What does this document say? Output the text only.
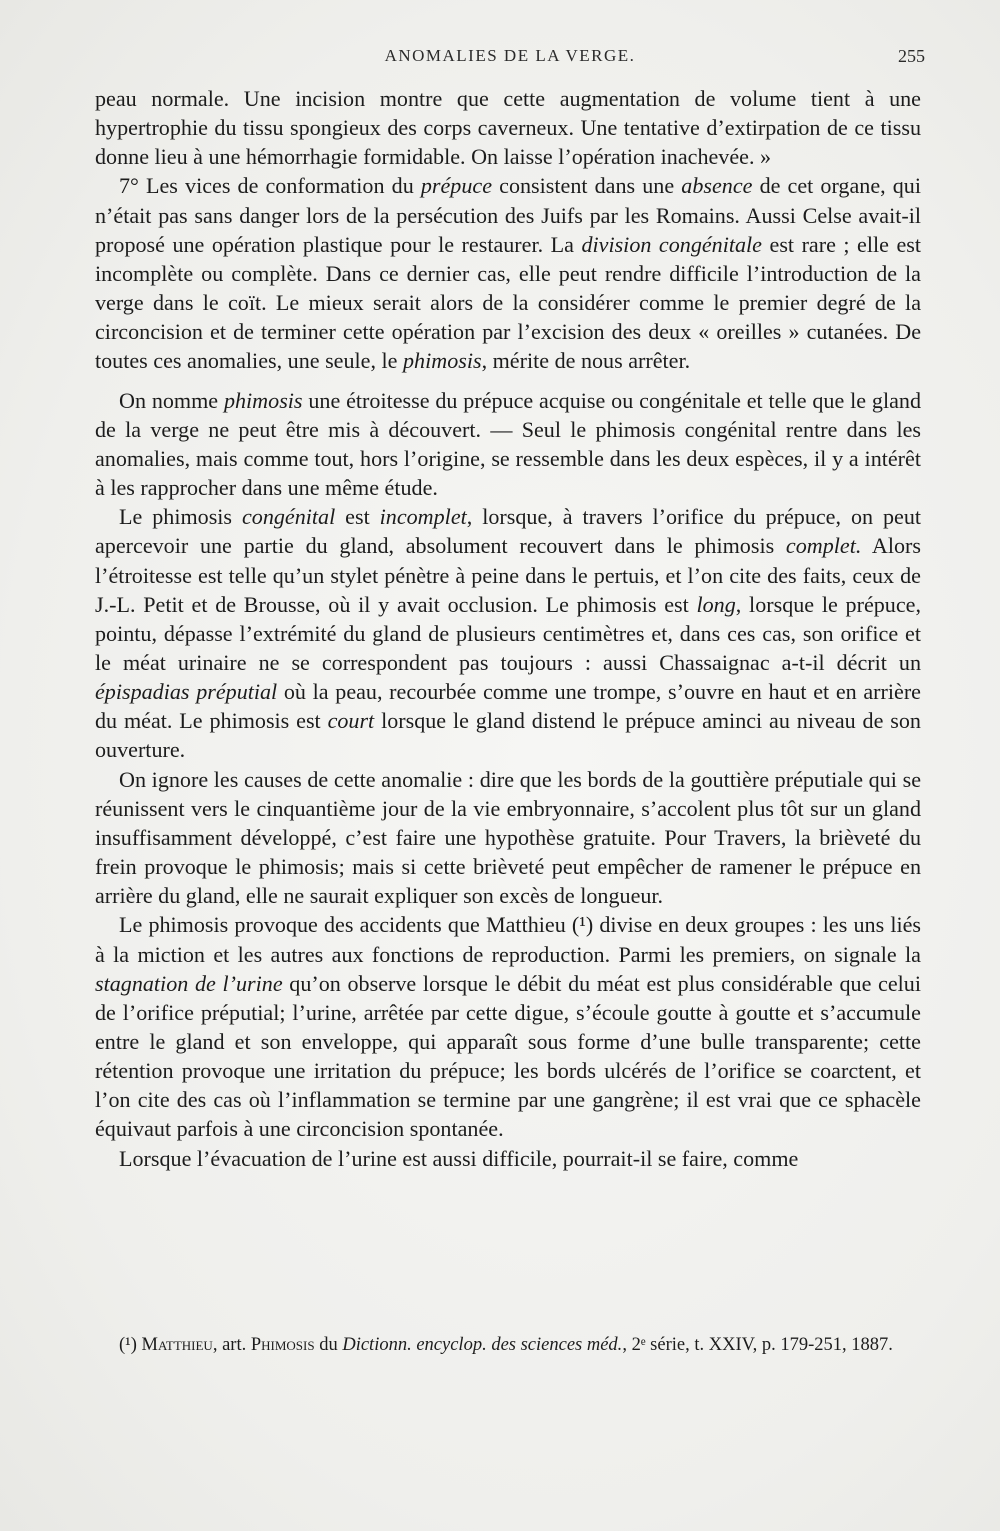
ANOMALIES DE LA VERGE.	255

peau normale. Une incision montre que cette augmentation de volume tient à une hypertrophie du tissu spongieux des corps caverneux. Une tentative d’extirpation de ce tissu donne lieu à une hémorrhagie formidable. On laisse l’opération inachevée. »

7° Les vices de conformation du prépuce consistent dans une absence de cet organe, qui n’était pas sans danger lors de la persécution des Juifs par les Romains. Aussi Celse avait-il proposé une opération plastique pour le restaurer. La division congénitale est rare ; elle est incomplète ou complète. Dans ce dernier cas, elle peut rendre difficile l’introduction de la verge dans le coït. Le mieux serait alors de la considérer comme le premier degré de la circoncision et de terminer cette opération par l’excision des deux « oreilles » cutanées. De toutes ces anomalies, une seule, le phimosis, mérite de nous arrêter.

On nomme phimosis une étroitesse du prépuce acquise ou congénitale et telle que le gland de la verge ne peut être mis à découvert. — Seul le phimosis congénital rentre dans les anomalies, mais comme tout, hors l’origine, se ressemble dans les deux espèces, il y a intérêt à les rapprocher dans une même étude.

Le phimosis congénital est incomplet, lorsque, à travers l’orifice du prépuce, on peut apercevoir une partie du gland, absolument recouvert dans le phimosis complet. Alors l’étroitesse est telle qu’un stylet pénètre à peine dans le pertuis, et l’on cite des faits, ceux de J.-L. Petit et de Brousse, où il y avait occlusion. Le phimosis est long, lorsque le prépuce, pointu, dépasse l’extrémité du gland de plusieurs centimètres et, dans ces cas, son orifice et le méat urinaire ne se correspondent pas toujours : aussi Chassaignac a-t-il décrit un épispadias préputial où la peau, recourbée comme une trompe, s’ouvre en haut et en arrière du méat. Le phimosis est court lorsque le gland distend le prépuce aminci au niveau de son ouverture.

On ignore les causes de cette anomalie : dire que les bords de la gouttière préputiale qui se réunissent vers le cinquantième jour de la vie embryonnaire, s’accolent plus tôt sur un gland insuffisamment développé, c’est faire une hypothèse gratuite. Pour Travers, la brièveté du frein provoque le phimosis; mais si cette brièveté peut empêcher de ramener le prépuce en arrière du gland, elle ne saurait expliquer son excès de longueur.

Le phimosis provoque des accidents que Matthieu (¹) divise en deux groupes : les uns liés à la miction et les autres aux fonctions de reproduction. Parmi les premiers, on signale la stagnation de l’urine qu’on observe lorsque le débit du méat est plus considérable que celui de l’orifice préputial; l’urine, arrêtée par cette digue, s’écoule goutte à goutte et s’accumule entre le gland et son enveloppe, qui apparaît sous forme d’une bulle transparente; cette rétention provoque une irritation du prépuce; les bords ulcérés de l’orifice se coarctent, et l’on cite des cas où l’inflammation se termine par une gangrène; il est vrai que ce sphacèle équivaut parfois à une circoncision spontanée.

Lorsque l’évacuation de l’urine est aussi difficile, pourrait-il se faire, comme

(¹) Matthieu, art. Phimosis du Dictionn. encyclop. des sciences méd., 2ᵉ série, t. XXIV, p. 179-251, 1887.
